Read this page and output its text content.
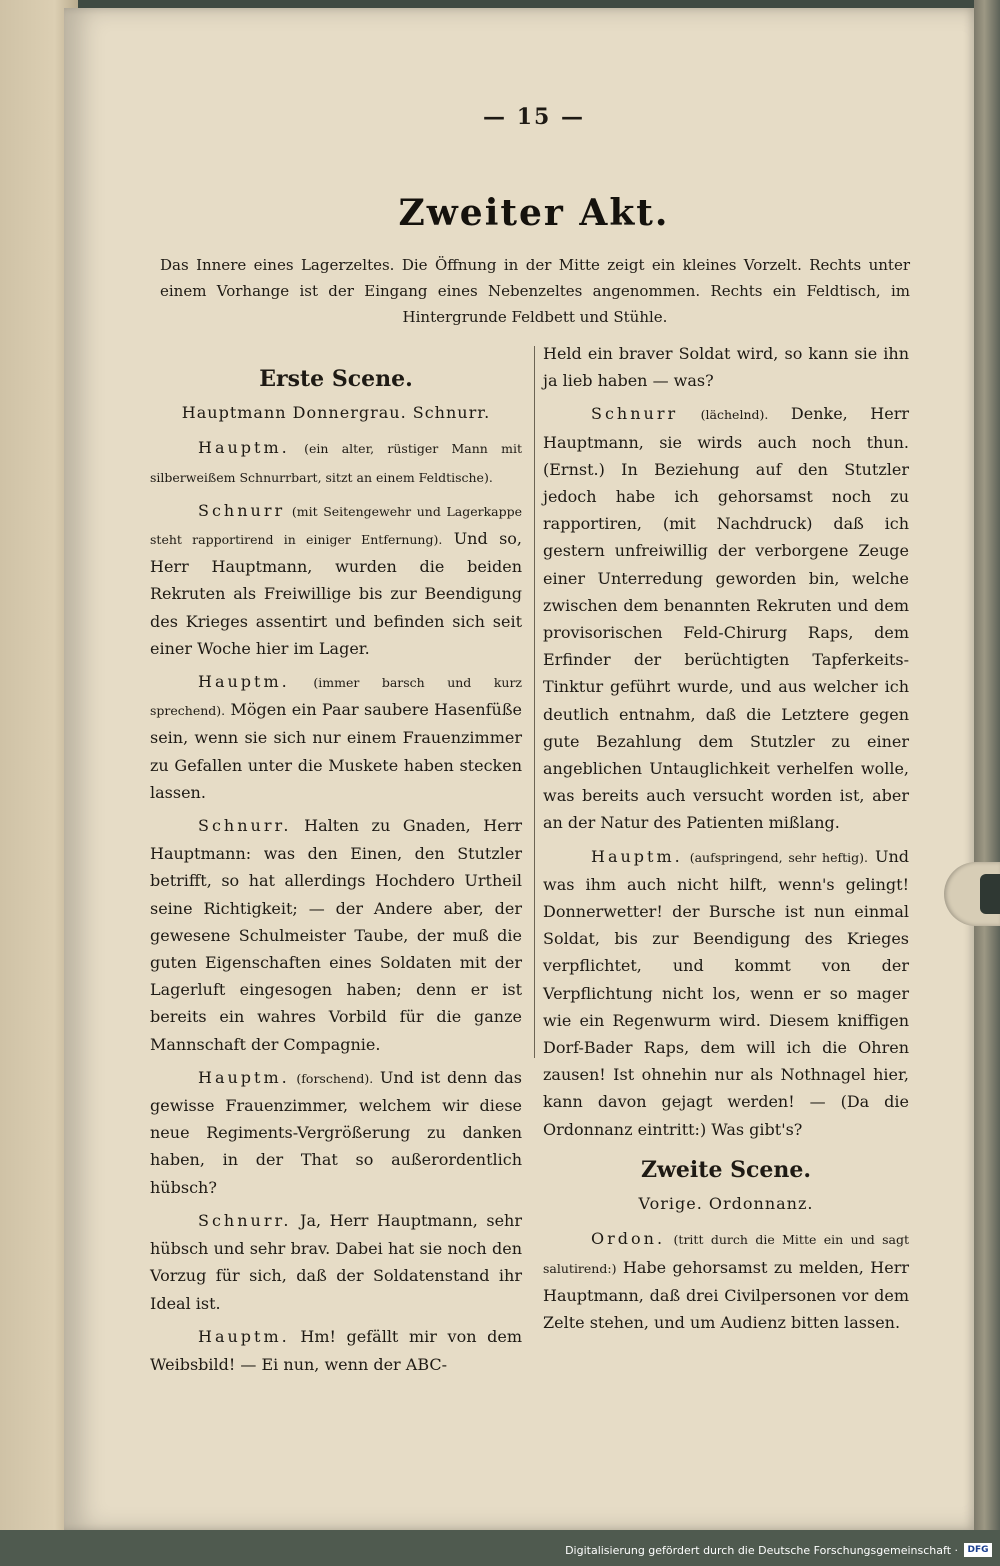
— 15 —
Zweiter Akt.
Das Innere eines Lagerzeltes. Die Öffnung in der Mitte zeigt ein kleines Vorzelt. Rechts unter einem Vorhange ist der Eingang eines Nebenzeltes angenommen. Rechts ein Feldtisch, im Hintergrunde Feldbett und Stühle.
Erste Scene.
Hauptmann Donnergrau. Schnurr.

Hauptm. (ein alter, rüstiger Mann mit silberweißem Schnurrbart, sitzt an einem Feldtische).

Schnurr (mit Seitengewehr und Lagerkappe steht rapportirend in einiger Entfernung). Und so, Herr Hauptmann, wurden die beiden Rekruten als Freiwillige bis zur Beendigung des Krieges assentirt und befinden sich seit einer Woche hier im Lager.

Hauptm. (immer barsch und kurz sprechend). Mögen ein Paar saubere Hasenfüße sein, wenn sie sich nur einem Frauenzimmer zu Gefallen unter die Muskete haben stecken lassen.

Schnurr. Halten zu Gnaden, Herr Hauptmann: was den Einen, den Stutzler betrifft, so hat allerdings Hochdero Urtheil seine Richtigkeit; — der Andere aber, der gewesene Schulmeister Taube, der muß die guten Eigenschaften eines Soldaten mit der Lagerluft eingesogen haben; denn er ist bereits ein wahres Vorbild für die ganze Mannschaft der Compagnie.

Hauptm. (forschend). Und ist denn das gewisse Frauenzimmer, welchem wir diese neue Regiments-Vergrößerung zu danken haben, in der That so außerordentlich hübsch?

Schnurr. Ja, Herr Hauptmann, sehr hübsch und sehr brav. Dabei hat sie noch den Vorzug für sich, daß der Soldatenstand ihr Ideal ist.

Hauptm. Hm! gefällt mir von dem Weibsbild! — Ei nun, wenn der ABC-

Held ein braver Soldat wird, so kann sie ihn ja lieb haben — was?

Schnurr (lächelnd). Denke, Herr Hauptmann, sie wirds auch noch thun. (Ernst.) In Beziehung auf den Stutzler jedoch habe ich gehorsamst noch zu rapportiren, (mit Nachdruck) daß ich gestern unfreiwillig der verborgene Zeuge einer Unterredung geworden bin, welche zwischen dem benannten Rekruten und dem provisorischen Feld-Chirurg Raps, dem Erfinder der berüchtigten Tapferkeits-Tinktur geführt wurde, und aus welcher ich deutlich entnahm, daß die Letztere gegen gute Bezahlung dem Stutzler zu einer angeblichen Untauglichkeit verhelfen wolle, was bereits auch versucht worden ist, aber an der Natur des Patienten mißlang.

Hauptm. (aufspringend, sehr heftig). Und was ihm auch nicht hilft, wenn's gelingt! Donnerwetter! der Bursche ist nun einmal Soldat, bis zur Beendigung des Krieges verpflichtet, und kommt von der Verpflichtung nicht los, wenn er so mager wie ein Regenwurm wird. Diesem kniffigen Dorf-Bader Raps, dem will ich die Ohren zausen! Ist ohnehin nur als Nothnagel hier, kann davon gejagt werden! — (Da die Ordonnanz eintritt:) Was gibt's?

Zweite Scene.
Vorige. Ordonnanz.

Ordon. (tritt durch die Mitte ein und sagt salutirend:) Habe gehorsamst zu melden, Herr Hauptmann, daß drei Civilpersonen vor dem Zelte stehen, und um Audienz bitten lassen.

Digitalisierung gefördert durch die Deutsche Forschungsgemeinschaft ·	DFG
